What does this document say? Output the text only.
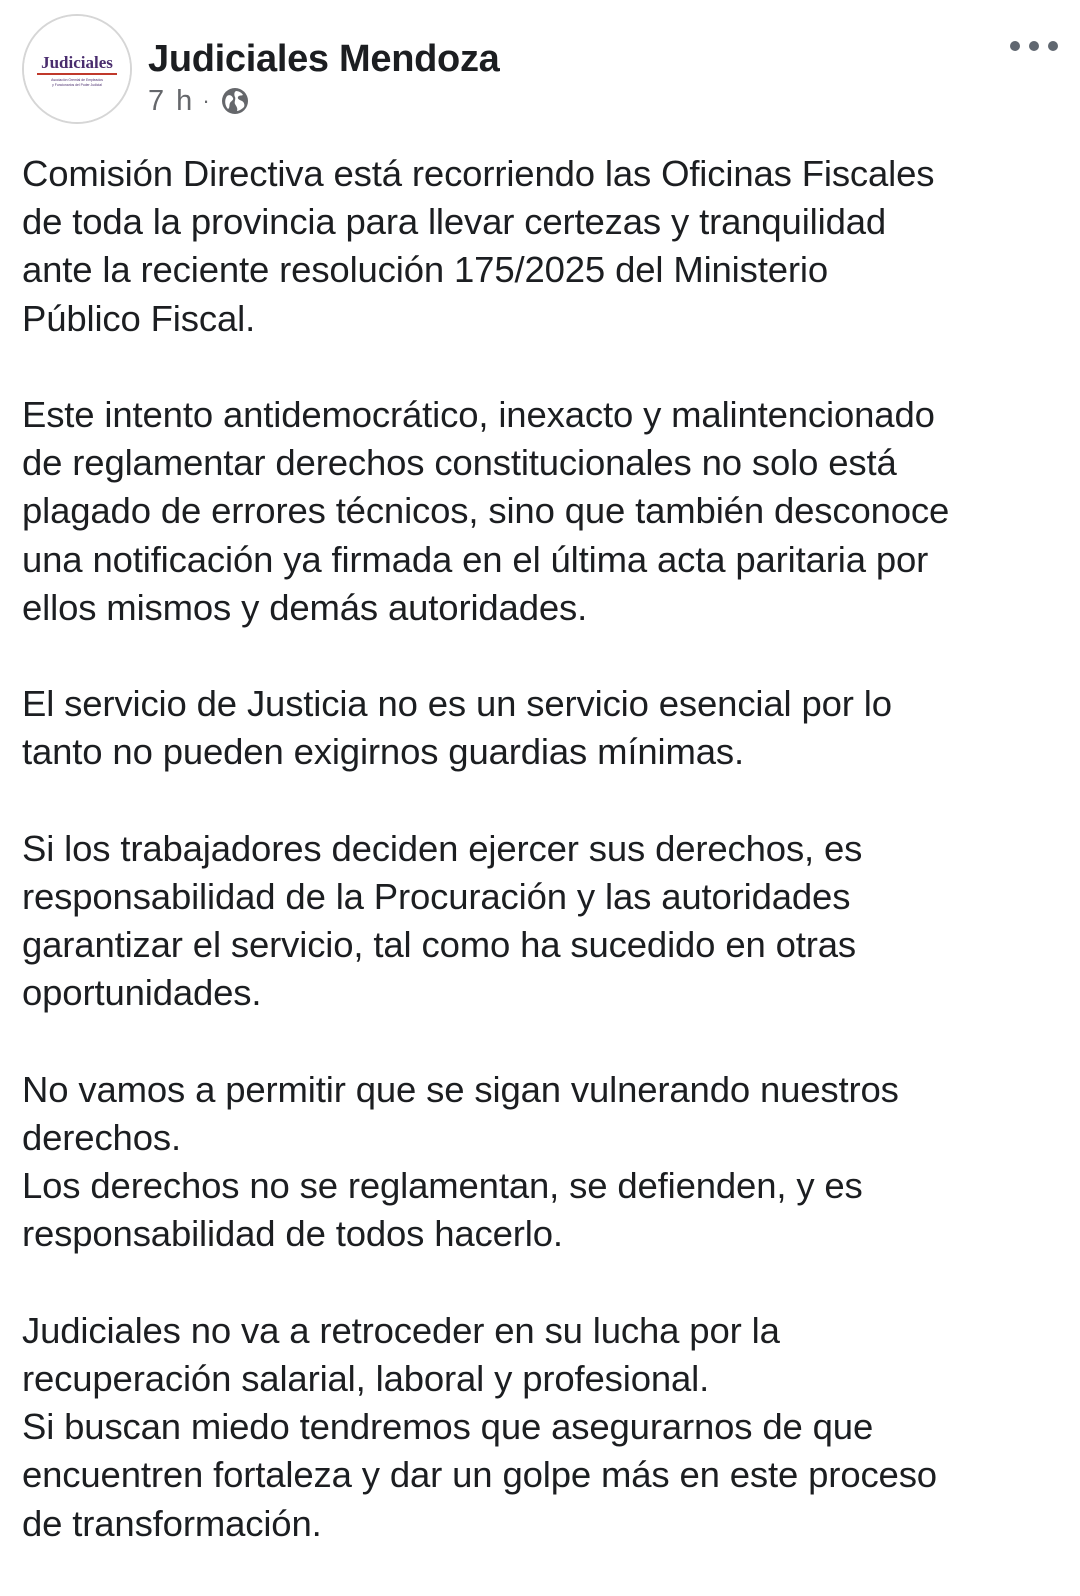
Judiciales
Asociación Gremial de Empleados
y Funcionarios del Poder Judicial
Judiciales Mendoza
7 h ·

Comisión Directiva está recorriendo las Oficinas Fiscales
de toda la provincia para llevar certezas y tranquilidad
ante la reciente resolución 175/2025 del Ministerio
Público Fiscal.

Este intento antidemocrático, inexacto y malintencionado
de reglamentar derechos constitucionales no solo está
plagado de errores técnicos, sino que también desconoce
una notificación ya firmada en el última acta paritaria por
ellos mismos y demás autoridades.

El servicio de Justicia no es un servicio esencial por lo
tanto no pueden exigirnos guardias mínimas.

Si los trabajadores deciden ejercer sus derechos, es
responsabilidad de la Procuración y las autoridades
garantizar el servicio, tal como ha sucedido en otras
oportunidades.

No vamos a permitir que se sigan vulnerando nuestros
derechos.
Los derechos no se reglamentan, se defienden, y es
responsabilidad de todos hacerlo.

Judiciales no va a retroceder en su lucha por la
recuperación salarial, laboral y profesional.
Si buscan miedo tendremos que asegurarnos de que
encuentren fortaleza y dar un golpe más en este proceso
de transformación.
